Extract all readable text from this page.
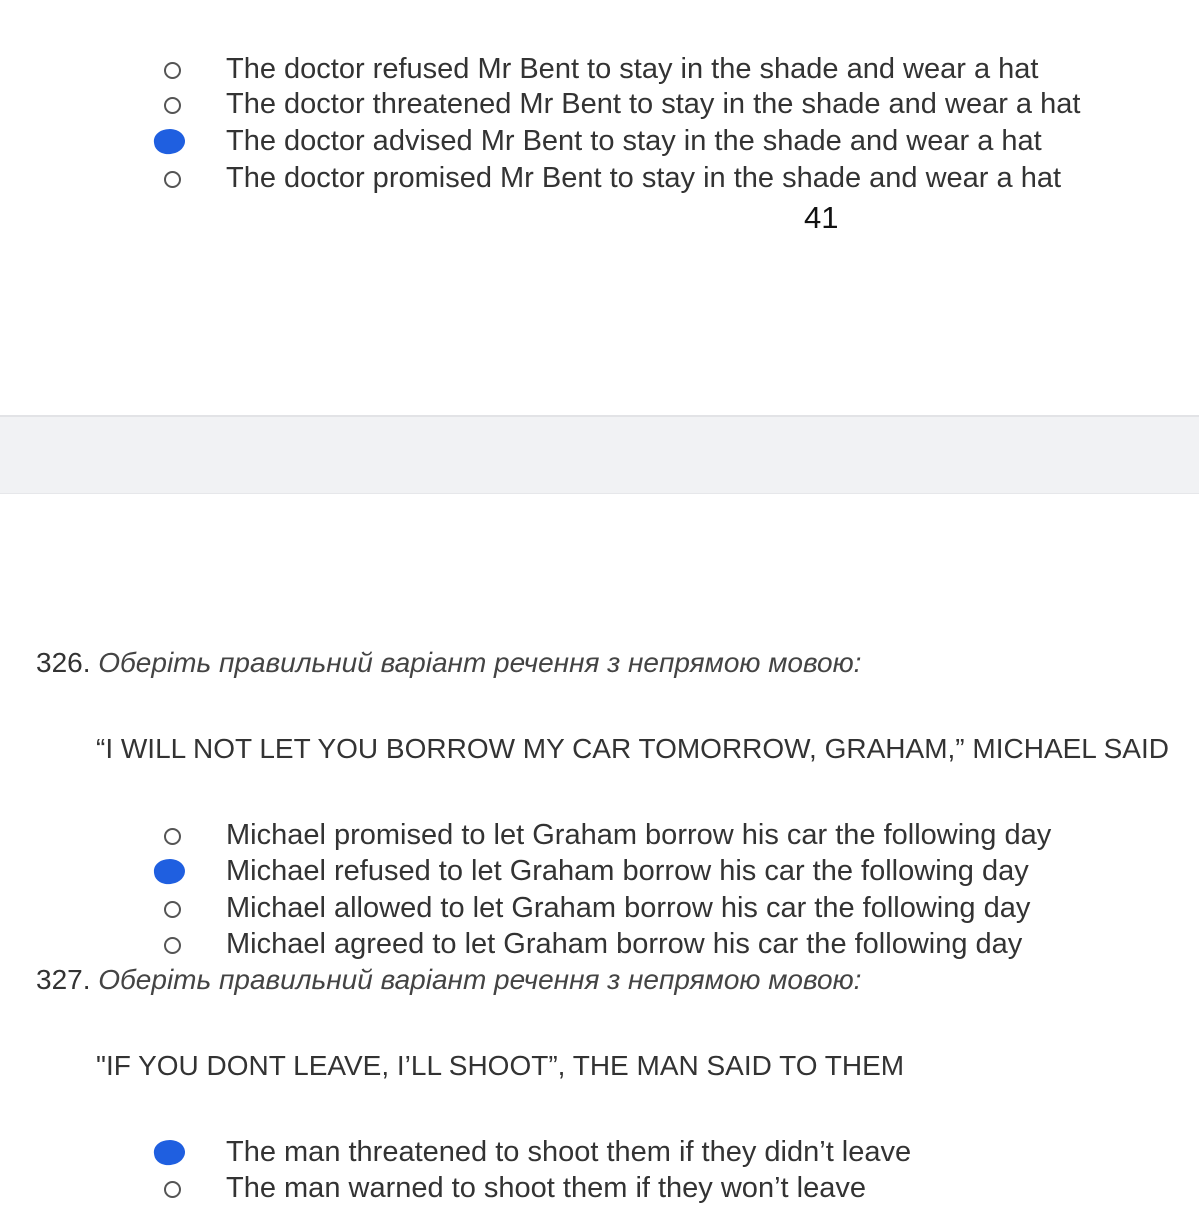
The doctor refused Mr Bent to stay in the shade and wear a hat
The doctor threatened Mr Bent to stay in the shade and wear a hat
The doctor advised Mr Bent to stay in the shade and wear a hat
The doctor promised Mr Bent to stay in the shade and wear a hat
41
326. Оберіть правильний варіант речення з непрямою мовою:
“I WILL NOT LET YOU BORROW MY CAR TOMORROW, GRAHAM,” MICHAEL SAID
Michael promised to let Graham borrow his car the following day
Michael refused to let Graham borrow his car the following day
Michael allowed to let Graham borrow his car the following day
Michael agreed to let Graham borrow his car the following day
327. Оберіть правильний варіант речення з непрямою мовою:
"IF YOU DONT LEAVE, I’LL SHOOT”, THE MAN SAID TO THEM
The man threatened to shoot them if they didn’t leave
The man warned to shoot them if they won’t leave
